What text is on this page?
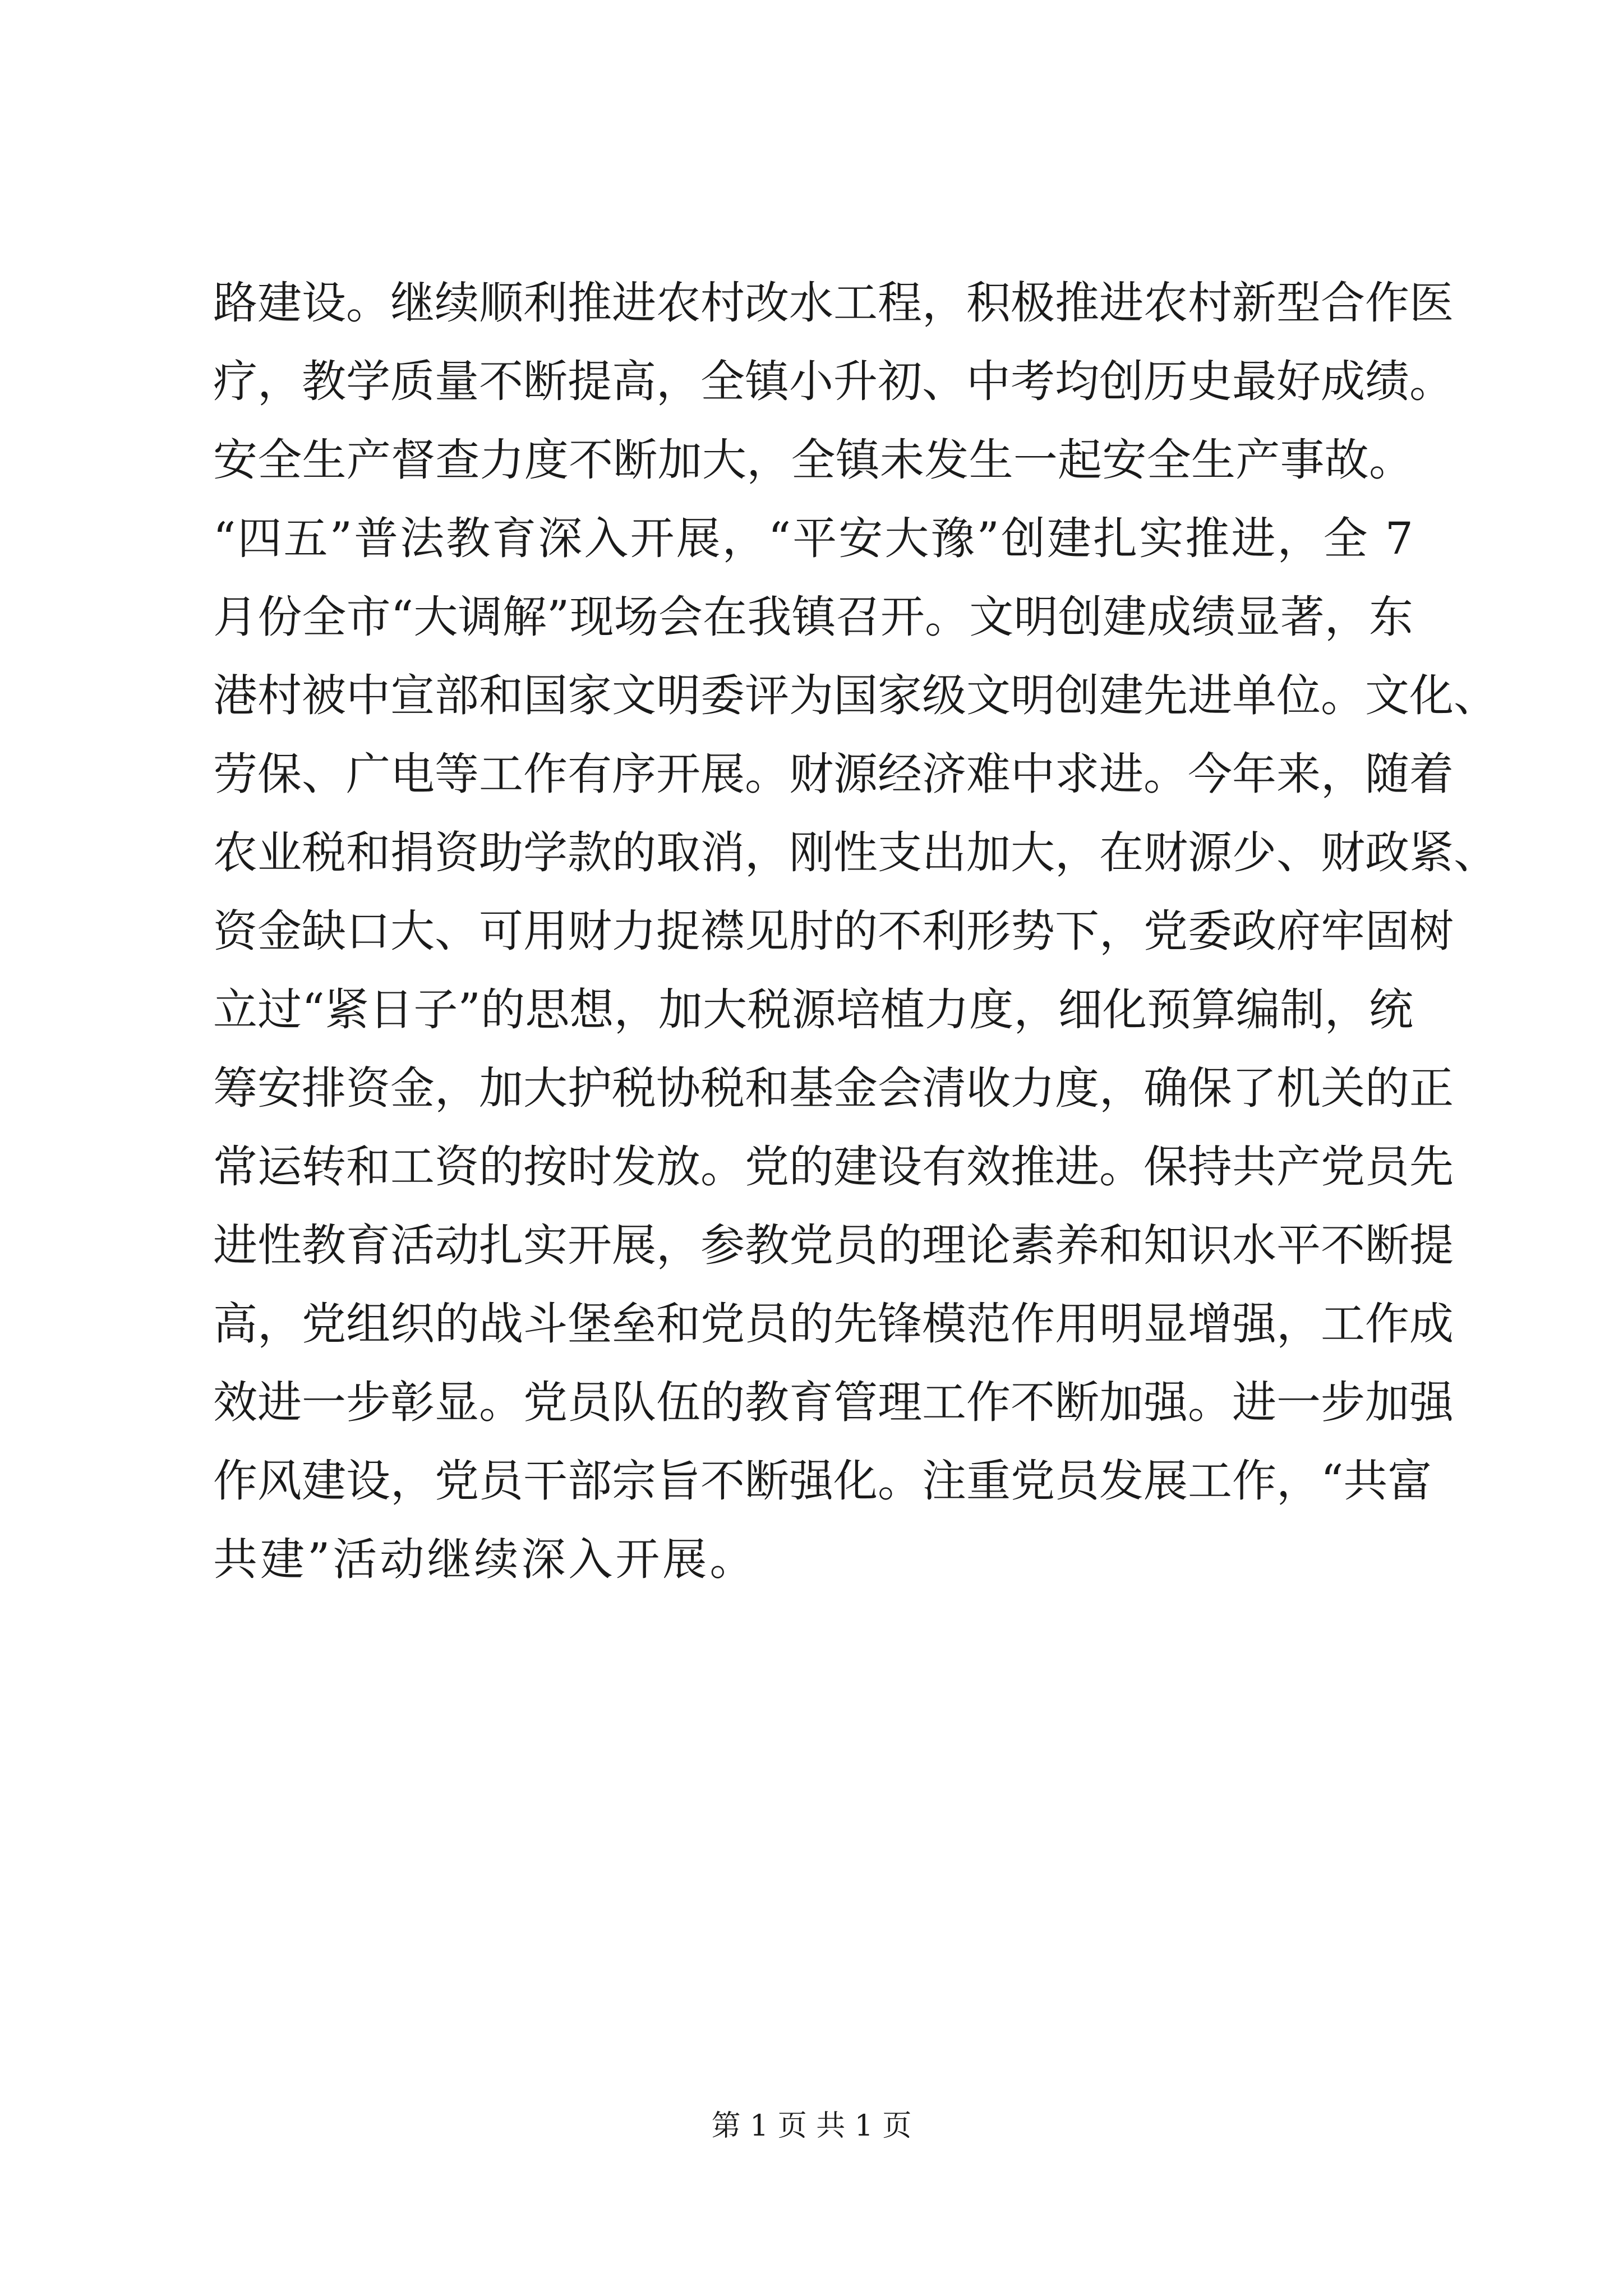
路建设。继续顺利推进农村改水工程，积极推进农村新型合作医
疗，教学质量不断提高，全镇小升初、中考均创历史最好成绩。
安全生产督查力度不断加大，全镇未发生一起安全生产事故。
“四五”普法教育深入开展，“平安大豫”创建扎实推进，全 7
月份全市“大调解”现场会在我镇召开。文明创建成绩显著，东
港村被中宣部和国家文明委评为国家级文明创建先进单位。文化、
劳保、广电等工作有序开展。财源经济难中求进。今年来，随着
农业税和捐资助学款的取消，刚性支出加大，在财源少、财政紧、
资金缺口大、可用财力捉襟见肘的不利形势下，党委政府牢固树
立过“紧日子”的思想，加大税源培植力度，细化预算编制，统
筹安排资金，加大护税协税和基金会清收力度，确保了机关的正
常运转和工资的按时发放。党的建设有效推进。保持共产党员先
进性教育活动扎实开展，参教党员的理论素养和知识水平不断提
高，党组织的战斗堡垒和党员的先锋模范作用明显增强，工作成
效进一步彰显。党员队伍的教育管理工作不断加强。进一步加强
作风建设，党员干部宗旨不断强化。注重党员发展工作，“共富
共建”活动继续深入开展。
第 1 页 共 1 页
